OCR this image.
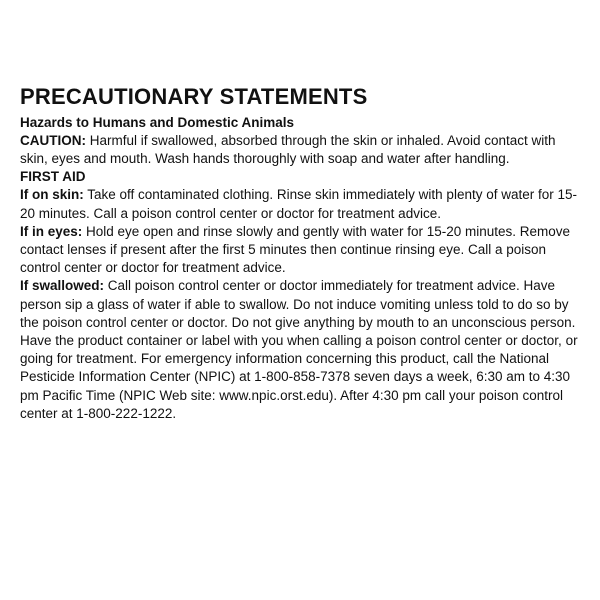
PRECAUTIONARY STATEMENTS
Hazards to Humans and Domestic Animals

CAUTION: Harmful if swallowed, absorbed through the skin or inhaled. Avoid contact with skin, eyes and mouth. Wash hands thoroughly with soap and water after handling.

FIRST AID

If on skin: Take off contaminated clothing. Rinse skin immediately with plenty of water for 15-20 minutes. Call a poison control center or doctor for treatment advice.

If in eyes: Hold eye open and rinse slowly and gently with water for 15-20 minutes. Remove contact lenses if present after the first 5 minutes then continue rinsing eye. Call a poison control center or doctor for treatment advice.

If swallowed: Call poison control center or doctor immediately for treatment advice. Have person sip a glass of water if able to swallow. Do not induce vomiting unless told to do so by the poison control center or doctor. Do not give anything by mouth to an unconscious person.

Have the product container or label with you when calling a poison control center or doctor, or going for treatment. For emergency information concerning this product, call the National Pesticide Information Center (NPIC) at 1-800-858-7378 seven days a week, 6:30 am to 4:30 pm Pacific Time (NPIC Web site: www.npic.orst.edu). After 4:30 pm call your poison control center at 1-800-222-1222.
